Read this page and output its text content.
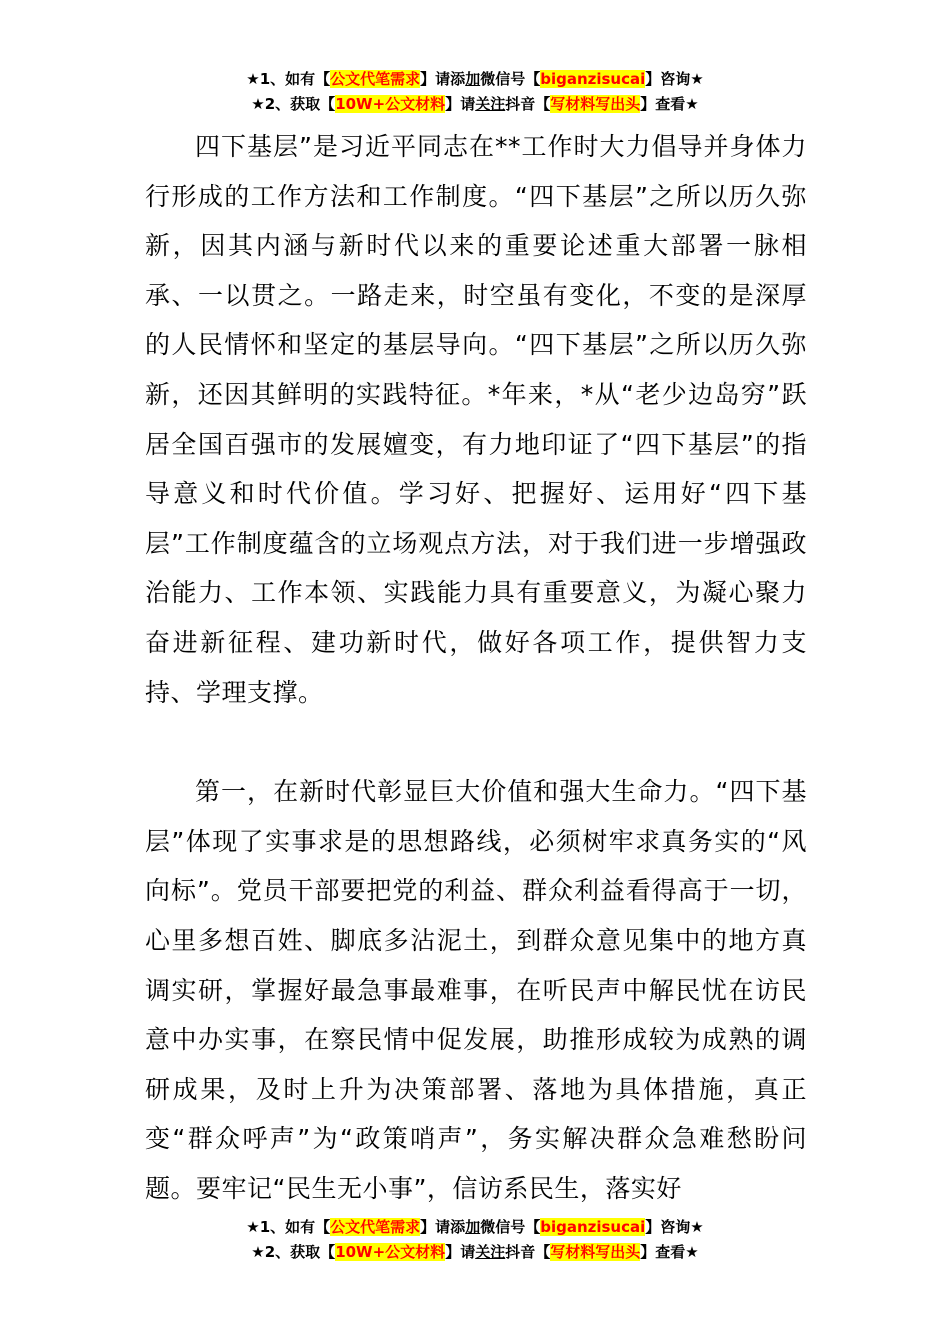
★1、如有【公文代笔需求】请添加微信号【biganzisucai】咨询★
★2、获取【10W+公文材料】请关注抖音【写材料写出头】查看★

四下基层”是习近平同志在**工作时大力倡导并身体力行形成的工作方法和工作制度。“四下基层”之所以历久弥新，因其内涵与新时代以来的重要论述重大部署一脉相承、一以贯之。一路走来，时空虽有变化，不变的是深厚的人民情怀和坚定的基层导向。“四下基层”之所以历久弥新，还因其鲜明的实践特征。*年来，*从“老少边岛穷”跃居全国百强市的发展嬗变，有力地印证了“四下基层”的指导意义和时代价值。学习好、把握好、运用好“四下基层”工作制度蕴含的立场观点方法，对于我们进一步增强政治能力、工作本领、实践能力具有重要意义，为凝心聚力奋进新征程、建功新时代，做好各项工作，提供智力支持、学理支撑。

第一，在新时代彰显巨大价值和强大生命力。“四下基层”体现了实事求是的思想路线，必须树牢求真务实的“风向标”。党员干部要把党的利益、群众利益看得高于一切，心里多想百姓、脚底多沾泥土，到群众意见集中的地方真调实研，掌握好最急事最难事，在听民声中解民忧在访民意中办实事，在察民情中促发展，助推形成较为成熟的调研成果，及时上升为决策部署、落地为具体措施，真正变“群众呼声”为“政策哨声”，务实解决群众急难愁盼问题。要牢记“民生无小事”，信访系民生，落实好

★1、如有【公文代笔需求】请添加微信号【biganzisucai】咨询★
★2、获取【10W+公文材料】请关注抖音【写材料写出头】查看★
